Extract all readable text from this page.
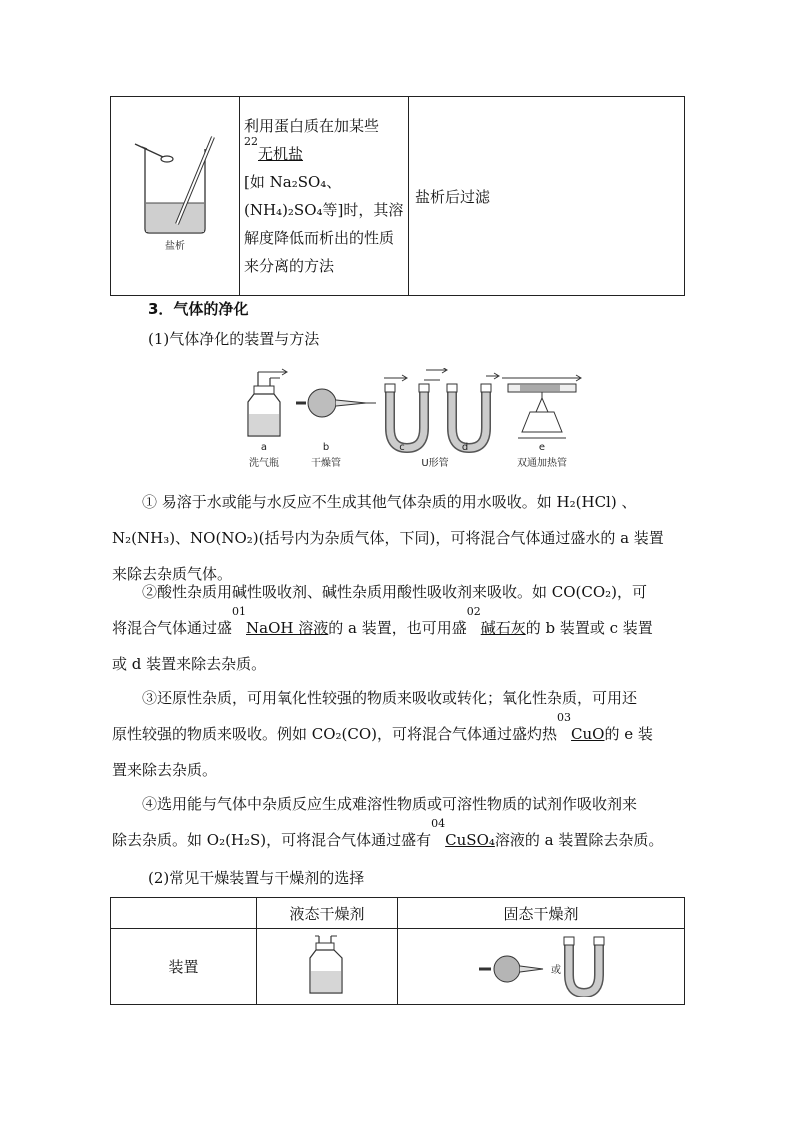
盐析

利用蛋白质在加某些
22
无机盐
[如 Na₂SO₄、
(NH₄)₂SO₄等]时，其溶
解度降低而析出的性质
来分离的方法
	盐析后过滤
3．气体的净化
(1)气体净化的装置与方法
a	b	c	d	e
洗气瓶	干燥管	U形管	双通加热管
① 易溶于水或能与水反应不生成其他气体杂质的用水吸收。如 H₂(HCl) 、
N₂(NH₃)、NO(NO₂)(括号内为杂质气体，下同)，可将混合气体通过盛水的 a 装置
来除去杂质气体。
②酸性杂质用碱性吸收剂、碱性杂质用酸性吸收剂来吸收。如 CO(CO₂)，可
将混合气体通过盛
01
NaOH 溶液的 a 装置，也可用盛
02
碱石灰的 b 装置或 c 装置
或 d 装置来除去杂质。
③还原性杂质，可用氧化性较强的物质来吸收或转化；氧化性杂质，可用还
原性较强的物质来吸收。例如 CO₂(CO)，可将混合气体通过盛灼热
03
CuO的 e 装
置来除去杂质。
④选用能与气体中杂质反应生成难溶性物质或可溶性物质的试剂作吸收剂来
除去杂质。如 O₂(H₂S)，可将混合气体通过盛有
04
CuSO₄溶液的 a 装置除去杂质。
(2)常见干燥装置与干燥剂的选择
	液态干燥剂	固态干燥剂
装置		或
